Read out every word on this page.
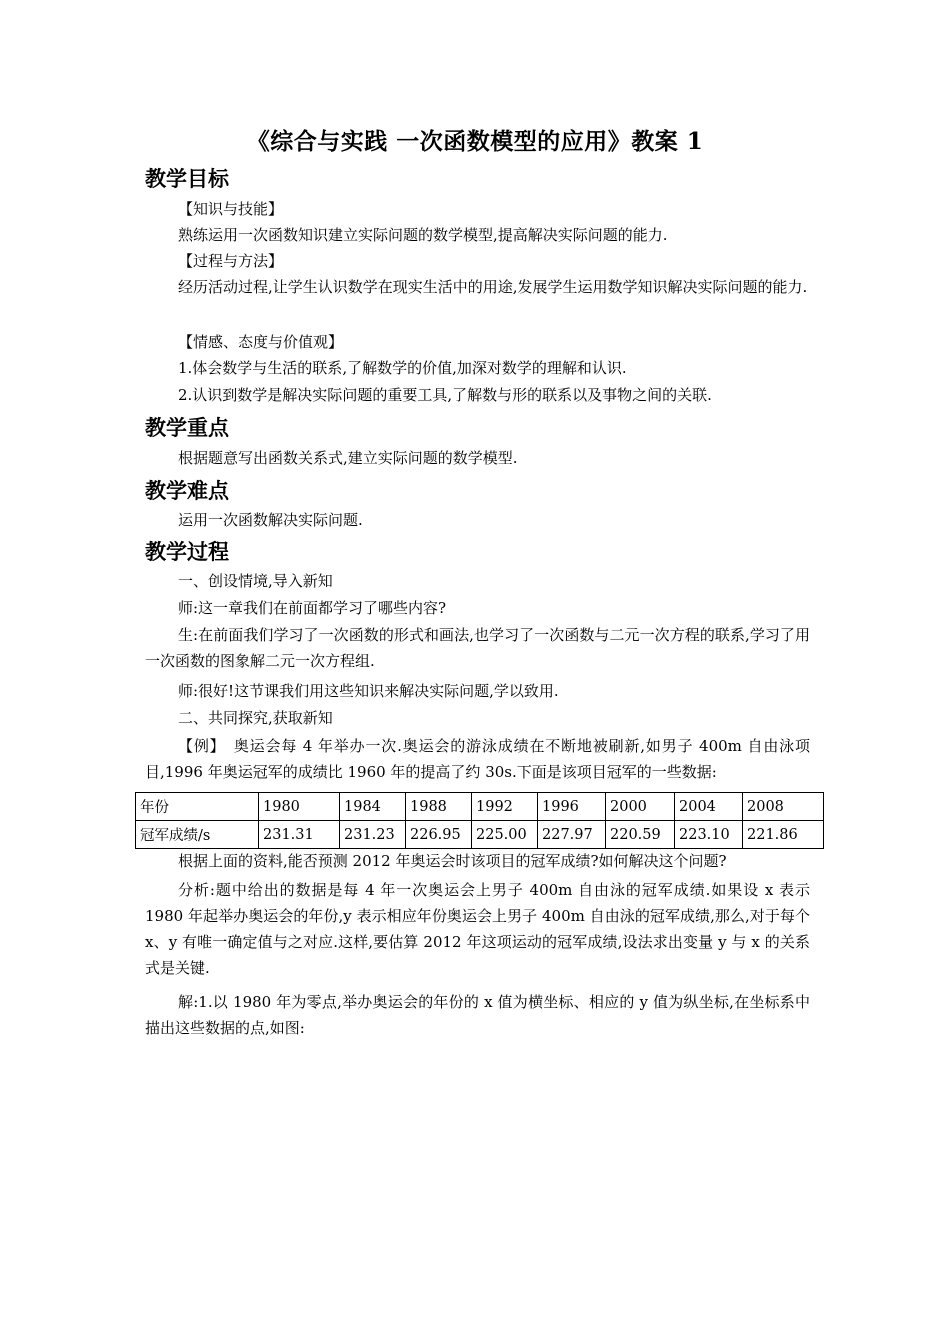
《综合与实践 一次函数模型的应用》教案 1
教学目标
【知识与技能】
熟练运用一次函数知识建立实际问题的数学模型,提高解决实际问题的能力.
【过程与方法】
经历活动过程,让学生认识数学在现实生活中的用途,发展学生运用数学知识解决实际问题的能力.
【情感、态度与价值观】
1.体会数学与生活的联系,了解数学的价值,加深对数学的理解和认识.
2.认识到数学是解决实际问题的重要工具,了解数与形的联系以及事物之间的关联.
教学重点
根据题意写出函数关系式,建立实际问题的数学模型.
教学难点
运用一次函数解决实际问题.
教学过程
一、创设情境,导入新知
师:这一章我们在前面都学习了哪些内容?
生:在前面我们学习了一次函数的形式和画法,也学习了一次函数与二元一次方程的联系,学习了用一次函数的图象解二元一次方程组.
师:很好!这节课我们用这些知识来解决实际问题,学以致用.
二、共同探究,获取新知
【例】　奥运会每 4 年举办一次.奥运会的游泳成绩在不断地被刷新,如男子 400m 自由泳项目,1996 年奥运冠军的成绩比 1960 年的提高了约 30s.下面是该项目冠军的一些数据:
年份	1980	1984	1988	1992	1996	2000	2004	2008
冠军成绩/s	231.31	231.23	226.95	225.00	227.97	220.59	223.10	221.86
根据上面的资料,能否预测 2012 年奥运会时该项目的冠军成绩?如何解决这个问题?
分析:题中给出的数据是每 4 年一次奥运会上男子 400m 自由泳的冠军成绩.如果设 x 表示 1980 年起举办奥运会的年份,y 表示相应年份奥运会上男子 400m 自由泳的冠军成绩,那么,对于每个 x、y 有唯一确定值与之对应.这样,要估算 2012 年这项运动的冠军成绩,设法求出变量 y 与 x 的关系式是关键.
解:1.以 1980 年为零点,举办奥运会的年份的 x 值为横坐标、相应的 y 值为纵坐标,在坐标系中描出这些数据的点,如图:
